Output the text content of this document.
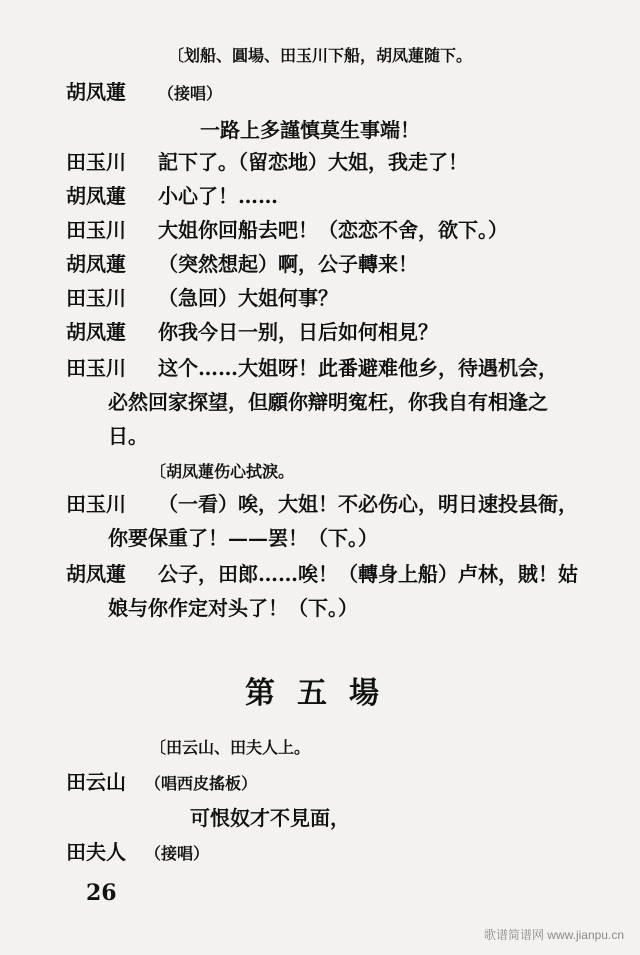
〔划船、圓場、田玉川下船，胡凤蓮随下。
胡凤蓮 （接唱）
一路上多謹慎莫生事端！
田玉川 記下了。（留恋地）大姐，我走了！
胡凤蓮 小心了！……
田玉川 大姐你回船去吧！（恋恋不舍，欲下。）
胡凤蓮 （突然想起）啊，公子轉来！
田玉川 （急回）大姐何事？
胡凤蓮 你我今日一别，日后如何相見？
田玉川 这个……大姐呀！此番避难他乡，待遇机会，
必然回家探望，但願你辯明寃枉，你我自有相逢之
日。
〔胡凤蓮伤心拭淚。
田玉川 （一看）唉，大姐！不必伤心，明日速投县衙，
你要保重了！——罢！（下。）
胡凤蓮 公子，田郎……唉！（轉身上船）卢林，賊！姑
娘与你作定对头了！（下。）
第五場
〔田云山、田夫人上。
田云山 （唱西皮搖板）
可恨奴才不見面，
田夫人 （接唱）
26
歌谱简谱网 www.jianpu.cn
